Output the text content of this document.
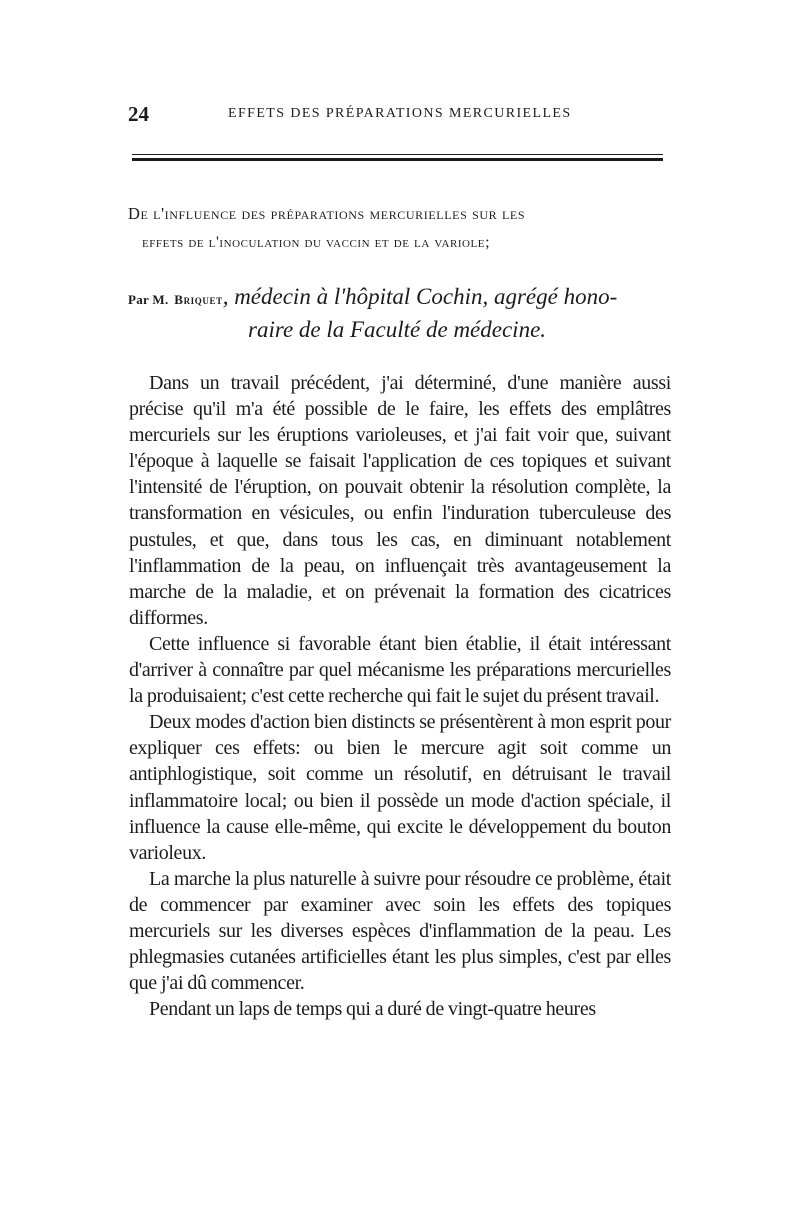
24	EFFETS DES PRÉPARATIONS MERCURIELLES
De l'influence des préparations mercurielles sur les
effets de l'inoculation du vaccin et de la variole;
Par M. Briquet, médecin à l'hôpital Cochin, agrégé hono-
raire de la Faculté de médecine.

Dans un travail précédent, j'ai déterminé, d'une manière aussi précise qu'il m'a été possible de le faire, les effets des emplâtres mercuriels sur les éruptions varioleuses, et j'ai fait voir que, suivant l'époque à laquelle se faisait l'application de ces topiques et suivant l'intensité de l'éruption, on pouvait obtenir la résolution complète, la transformation en vésicules, ou enfin l'induration tuberculeuse des pustules, et que, dans tous les cas, en diminuant notablement l'inflammation de la peau, on influençait très avantageusement la marche de la maladie, et on prévenait la formation des cicatrices difformes.

Cette influence si favorable étant bien établie, il était intéressant d'arriver à connaître par quel mécanisme les préparations mercurielles la produisaient; c'est cette recherche qui fait le sujet du présent travail.

Deux modes d'action bien distincts se présentèrent à mon esprit pour expliquer ces effets: ou bien le mercure agit soit comme un antiphlogistique, soit comme un résolutif, en détruisant le travail inflammatoire local; ou bien il possède un mode d'action spéciale, il influence la cause elle-même, qui excite le développement du bouton varioleux.

La marche la plus naturelle à suivre pour résoudre ce problème, était de commencer par examiner avec soin les effets des topiques mercuriels sur les diverses espèces d'inflammation de la peau. Les phlegmasies cutanées artificielles étant les plus simples, c'est par elles que j'ai dû commencer.

Pendant un laps de temps qui a duré de vingt-quatre heures
